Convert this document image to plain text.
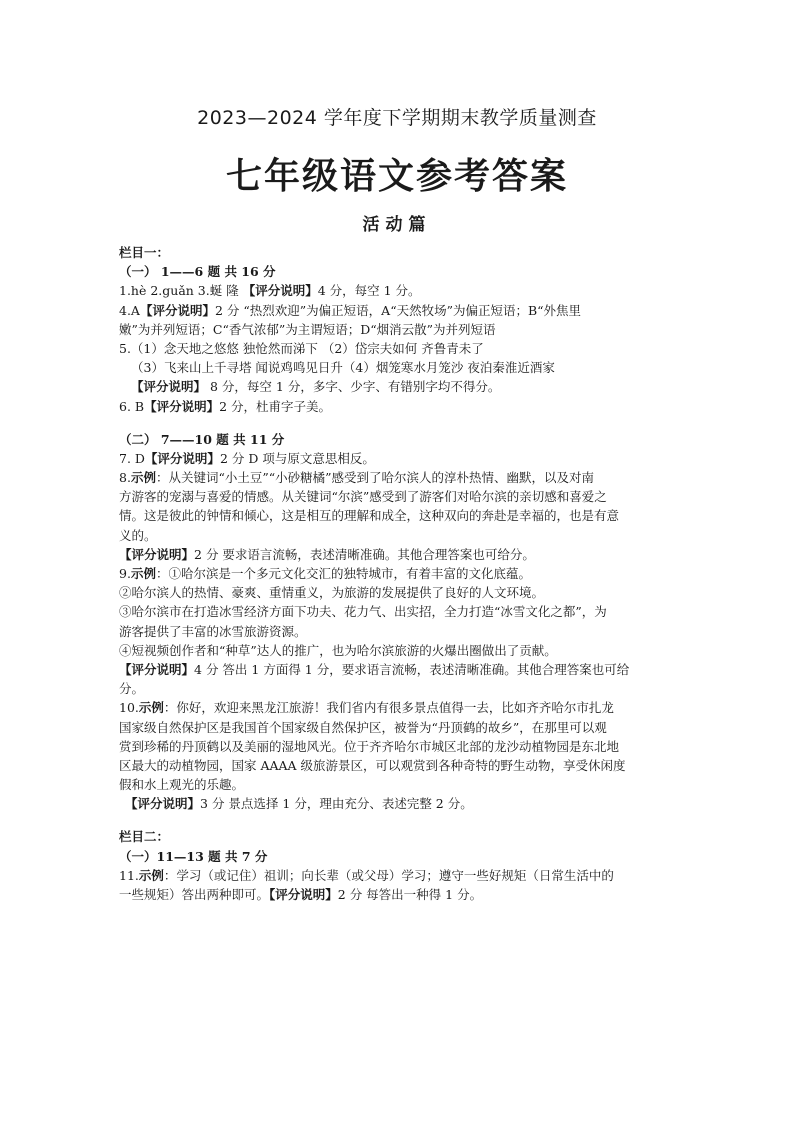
2023—2024 学年度下学期期末教学质量测查
七年级语文参考答案
活动篇
栏目一：
（一） 1——6 题 共 16 分
1.hè 2.guǎn 3.蜒 隆 【评分说明】4 分，每空 1 分。
4.A【评分说明】2 分 “热烈欢迎”为偏正短语，A“天然牧场”为偏正短语；B“外焦里
嫩”为并列短语；C“香气浓郁”为主谓短语；D“烟消云散”为并列短语
5.（1）念天地之悠悠 独怆然而涕下 （2）岱宗夫如何 齐鲁青未了
（3）飞来山上千寻塔 闻说鸡鸣见日升（4）烟笼寒水月笼沙 夜泊秦淮近酒家
【评分说明】 8 分，每空 1 分，多字、少字、有错别字均不得分。
6. B【评分说明】2 分，杜甫字子美。
（二） 7——10 题 共 11 分
7. D【评分说明】2 分 D 项与原文意思相反。
8.示例：从关键词“小土豆”“小砂糖橘”感受到了哈尔滨人的淳朴热情、幽默，以及对南
方游客的宠溺与喜爱的情感。从关键词“尔滨”感受到了游客们对哈尔滨的亲切感和喜爱之
情。这是彼此的钟情和倾心，这是相互的理解和成全，这种双向的奔赴是幸福的，也是有意
义的。
【评分说明】2 分 要求语言流畅，表述清晰准确。其他合理答案也可给分。
9.示例：①哈尔滨是一个多元文化交汇的独特城市，有着丰富的文化底蕴。
②哈尔滨人的热情、豪爽、重情重义，为旅游的发展提供了良好的人文环境。
③哈尔滨市在打造冰雪经济方面下功夫、花力气、出实招，全力打造“冰雪文化之都”，为
游客提供了丰富的冰雪旅游资源。
④短视频创作者和“种草”达人的推广，也为哈尔滨旅游的火爆出圈做出了贡献。
【评分说明】4 分 答出 1 方面得 1 分，要求语言流畅，表述清晰准确。其他合理答案也可给
分。
10.示例：你好，欢迎来黑龙江旅游！我们省内有很多景点值得一去，比如齐齐哈尔市扎龙
国家级自然保护区是我国首个国家级自然保护区，被誉为“丹顶鹤的故乡”，在那里可以观
赏到珍稀的丹顶鹤以及美丽的湿地风光。位于齐齐哈尔市城区北部的龙沙动植物园是东北地
区最大的动植物园，国家 AAAA 级旅游景区，可以观赏到各种奇特的野生动物，享受休闲度
假和水上观光的乐趣。
【评分说明】3 分 景点选择 1 分，理由充分、表述完整 2 分。
栏目二：
（一）11—13 题 共 7 分
11.示例：学习（或记住）祖训；向长辈（或父母）学习；遵守一些好规矩（日常生活中的
一些规矩）答出两种即可。【评分说明】2 分 每答出一种得 1 分。
